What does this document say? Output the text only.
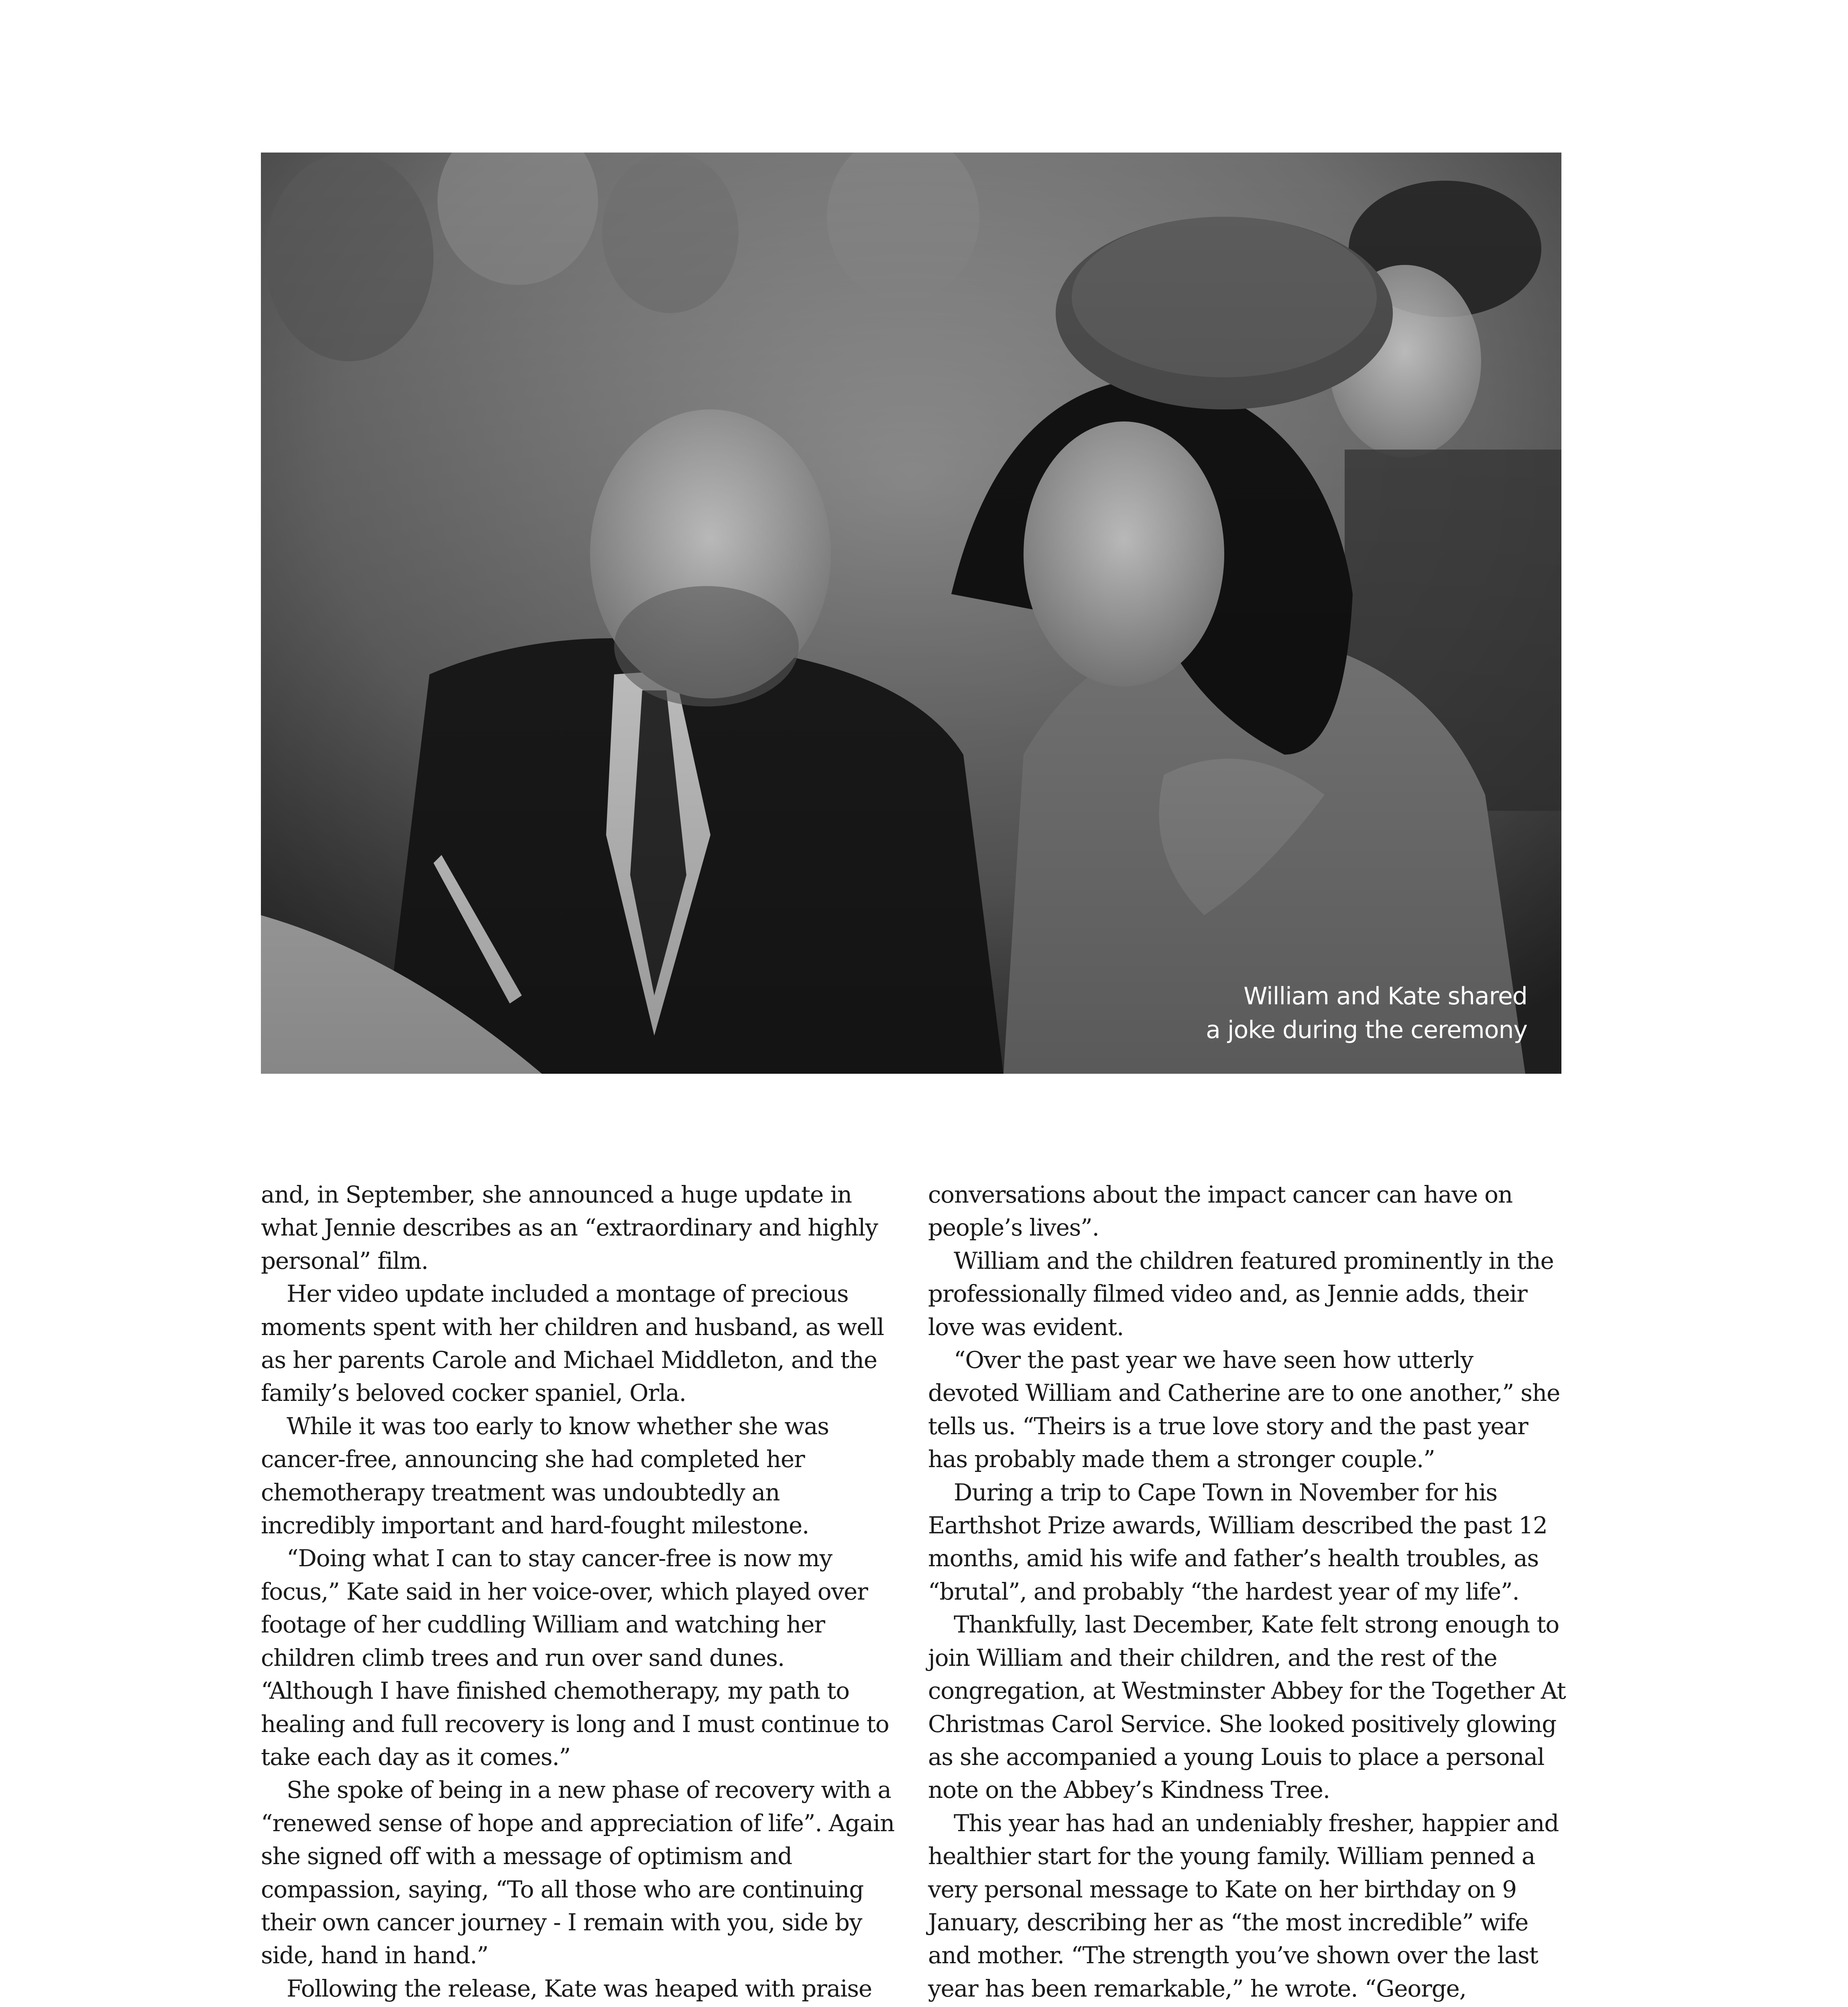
William and Kate shared
a joke during the ceremony

and, in September, she announced a huge update in what Jennie describes as an “extraordinary and highly personal” film.

Her video update included a montage of precious moments spent with her children and husband, as well as her parents Carole and Michael Middleton, and the family’s beloved cocker spaniel, Orla.

While it was too early to know whether she was cancer-free, announcing she had completed her chemotherapy treatment was undoubtedly an incredibly important and hard-fought milestone.

“Doing what I can to stay cancer-free is now my focus,” Kate said in her voice-over, which played over footage of her cuddling William and watching her children climb trees and run over sand dunes. “Although I have finished chemotherapy, my path to healing and full recovery is long and I must continue to take each day as it comes.”

She spoke of being in a new phase of recovery with a “renewed sense of hope and appreciation of life”. Again she signed off with a message of optimism and compassion, saying, “To all those who are continuing their own cancer journey - I remain with you, side by side, hand in hand.”

Following the release, Kate was heaped with praise

conversations about the impact cancer can have on people’s lives”.

William and the children featured prominently in the professionally filmed video and, as Jennie adds, their love was evident.

“Over the past year we have seen how utterly devoted William and Catherine are to one another,” she tells us. “Theirs is a true love story and the past year has probably made them a stronger couple.”

During a trip to Cape Town in November for his Earthshot Prize awards, William described the past 12 months, amid his wife and father’s health troubles, as “brutal”, and probably “the hardest year of my life”.

Thankfully, last December, Kate felt strong enough to join William and their children, and the rest of the congregation, at Westminster Abbey for the Together At Christmas Carol Service. She looked positively glowing as she accompanied a young Louis to place a personal note on the Abbey’s Kindness Tree.

This year has had an undeniably fresher, happier and healthier start for the young family. William penned a very personal message to Kate on her birthday on 9 January, describing her as “the most incredible” wife and mother. “The strength you’ve shown over the last year has been remarkable,” he wrote. “George,
